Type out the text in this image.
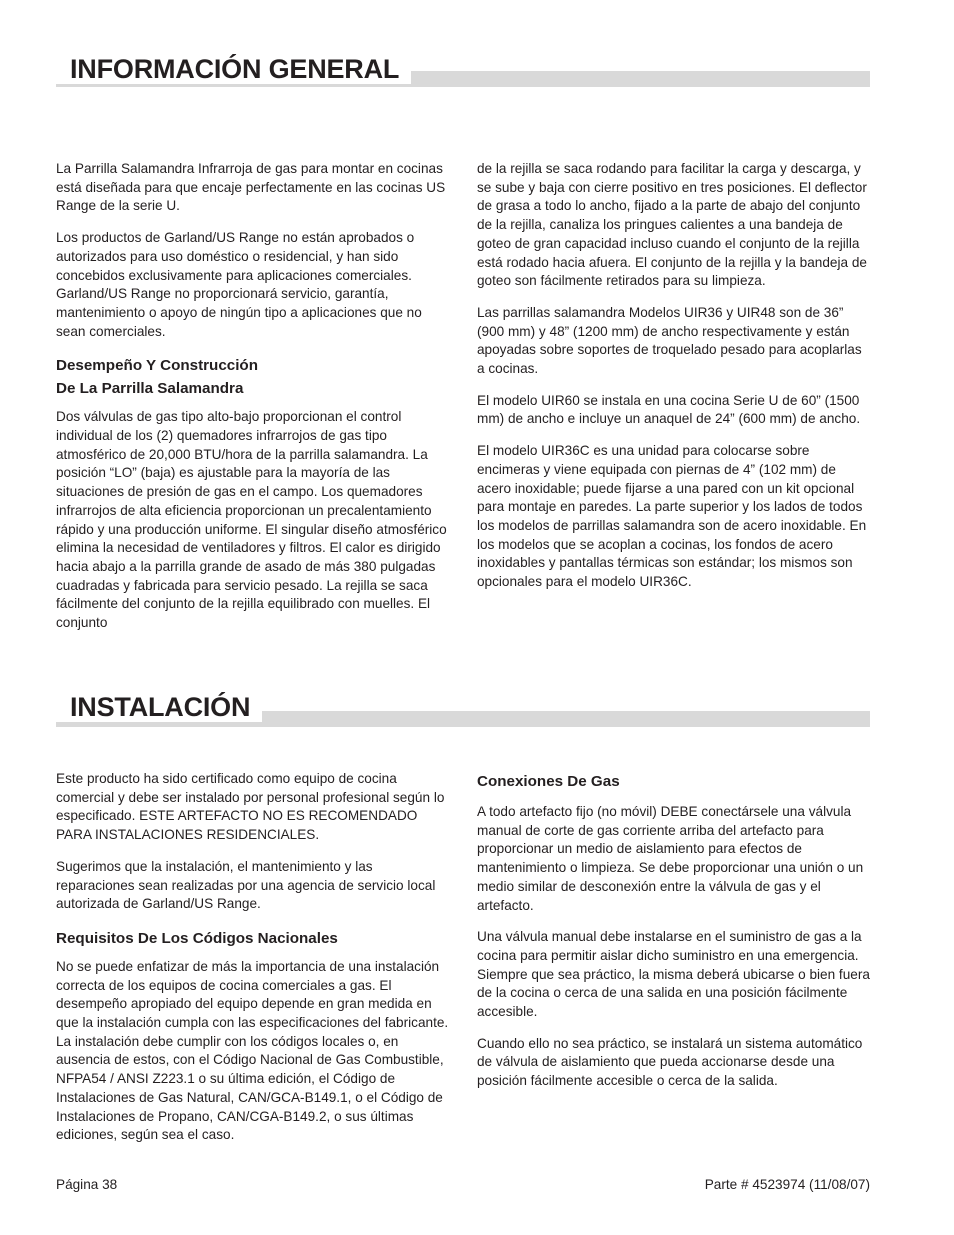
INFORMACIÓN GENERAL

La Parrilla Salamandra Infrarroja de gas para montar en cocinas está diseñada para que encaje perfectamente en las cocinas US Range de la serie U.

Los productos de Garland/US Range no están aprobados o autorizados para uso doméstico o residencial, y han sido concebidos exclusivamente para aplicaciones comerciales. Garland/US Range no proporcionará servicio, garantía, mantenimiento o apoyo de ningún tipo a aplicaciones que no sean comerciales.

Desempeño Y Construcción
De La Parrilla Salamandra

Dos válvulas de gas tipo alto-bajo proporcionan el control individual de los (2) quemadores infrarrojos de gas tipo atmosférico de 20,000 BTU/hora de la parrilla salamandra. La posición “LO” (baja) es ajustable para la mayoría de las situaciones de presión de gas en el campo. Los quemadores infrarrojos de alta eficiencia proporcionan un precalentamiento rápido y una producción uniforme. El singular diseño atmosférico elimina la necesidad de ventiladores y filtros. El calor es dirigido hacia abajo a la parrilla grande de asado de más 380 pulgadas cuadradas y fabricada para servicio pesado. La rejilla se saca fácilmente del conjunto de la rejilla equilibrado con muelles. El conjunto

de la rejilla se saca rodando para facilitar la carga y descarga, y se sube y baja con cierre positivo en tres posiciones. El deflector de grasa a todo lo ancho, fijado a la parte de abajo del conjunto de la rejilla, canaliza los pringues calientes a una bandeja de goteo de gran capacidad incluso cuando el conjunto de la rejilla está rodado hacia afuera. El conjunto de la rejilla y la bandeja de goteo son fácilmente retirados para su limpieza.

Las parrillas salamandra Modelos UIR36 y UIR48 son de 36” (900 mm) y 48” (1200 mm) de ancho respectivamente y están apoyadas sobre soportes de troquelado pesado para acoplarlas a cocinas.

El modelo UIR60 se instala en una cocina Serie U de 60” (1500 mm) de ancho e incluye un anaquel de 24” (600 mm) de ancho.

El modelo UIR36C es una unidad para colocarse sobre encimeras y viene equipada con piernas de 4” (102 mm) de acero inoxidable; puede fijarse a una pared con un kit opcional para montaje en paredes. La parte superior y los lados de todos los modelos de parrillas salamandra son de acero inoxidable. En los modelos que se acoplan a cocinas, los fondos de acero inoxidables y pantallas térmicas son estándar; los mismos son opcionales para el modelo UIR36C.

INSTALACIÓN

Este producto ha sido certificado como equipo de cocina comercial y debe ser instalado por personal profesional según lo especificado. ESTE ARTEFACTO NO ES RECOMENDADO PARA INSTALACIONES RESIDENCIALES.

Sugerimos que la instalación, el mantenimiento y las reparaciones sean realizadas por una agencia de servicio local autorizada de Garland/US Range.

Requisitos De Los Códigos Nacionales

No se puede enfatizar de más la importancia de una instalación correcta de los equipos de cocina comerciales a gas. El desempeño apropiado del equipo depende en gran medida en que la instalación cumpla con las especificaciones del fabricante. La instalación debe cumplir con los códigos locales o, en ausencia de estos, con el Código Nacional de Gas Combustible, NFPA54 / ANSI Z223.1 o su última edición, el Código de Instalaciones de Gas Natural, CAN/GCA-B149.1, o el Código de Instalaciones de Propano, CAN/CGA-B149.2, o sus últimas ediciones, según sea el caso.

Conexiones De Gas

A todo artefacto fijo (no móvil) DEBE conectársele una válvula manual de corte de gas corriente arriba del artefacto para proporcionar un medio de aislamiento para efectos de mantenimiento o limpieza. Se debe proporcionar una unión o un medio similar de desconexión entre la válvula de gas y el artefacto.

Una válvula manual debe instalarse en el suministro de gas a la cocina para permitir aislar dicho suministro en una emergencia. Siempre que sea práctico, la misma deberá ubicarse o bien fuera de la cocina o cerca de una salida en una posición fácilmente accesible.

Cuando ello no sea práctico, se instalará un sistema automático de válvula de aislamiento que pueda accionarse desde una posición fácilmente accesible o cerca de la salida.

Página 38	Parte # 4523974 (11/08/07)
